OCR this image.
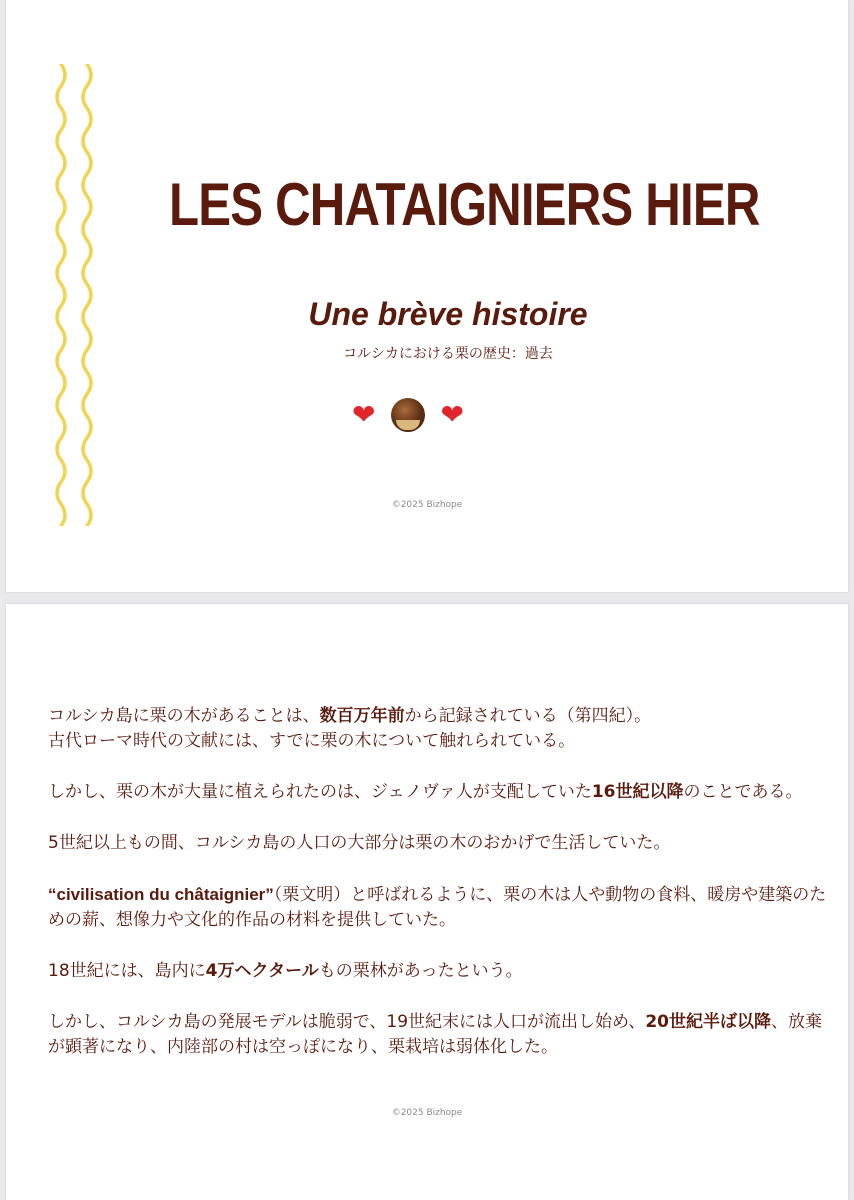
LES CHATAIGNIERS HIER
Une brève histoire
コルシカにおける栗の歴史：過去
❤ ❤
©2025 Bizhope

コルシカ島に栗の木があることは、数百万年前から記録されている（第四紀）。
古代ローマ時代の文献には、すでに栗の木について触れられている。

しかし、栗の木が大量に植えられたのは、ジェノヴァ人が支配していた16世紀以降のことである。

5世紀以上もの間、コルシカ島の人口の大部分は栗の木のおかげで生活していた。

“civilisation du châtaignier”（栗文明）と呼ばれるように、栗の木は人や動物の食料、暖房や建築のための薪、想像力や文化的作品の材料を提供していた。

18世紀には、島内に4万ヘクタールもの栗林があったという。

しかし、コルシカ島の発展モデルは脆弱で、19世紀末には人口が流出し始め、20世紀半ば以降、放棄が顕著になり、内陸部の村は空っぽになり、栗栽培は弱体化した。

©2025 Bizhope
